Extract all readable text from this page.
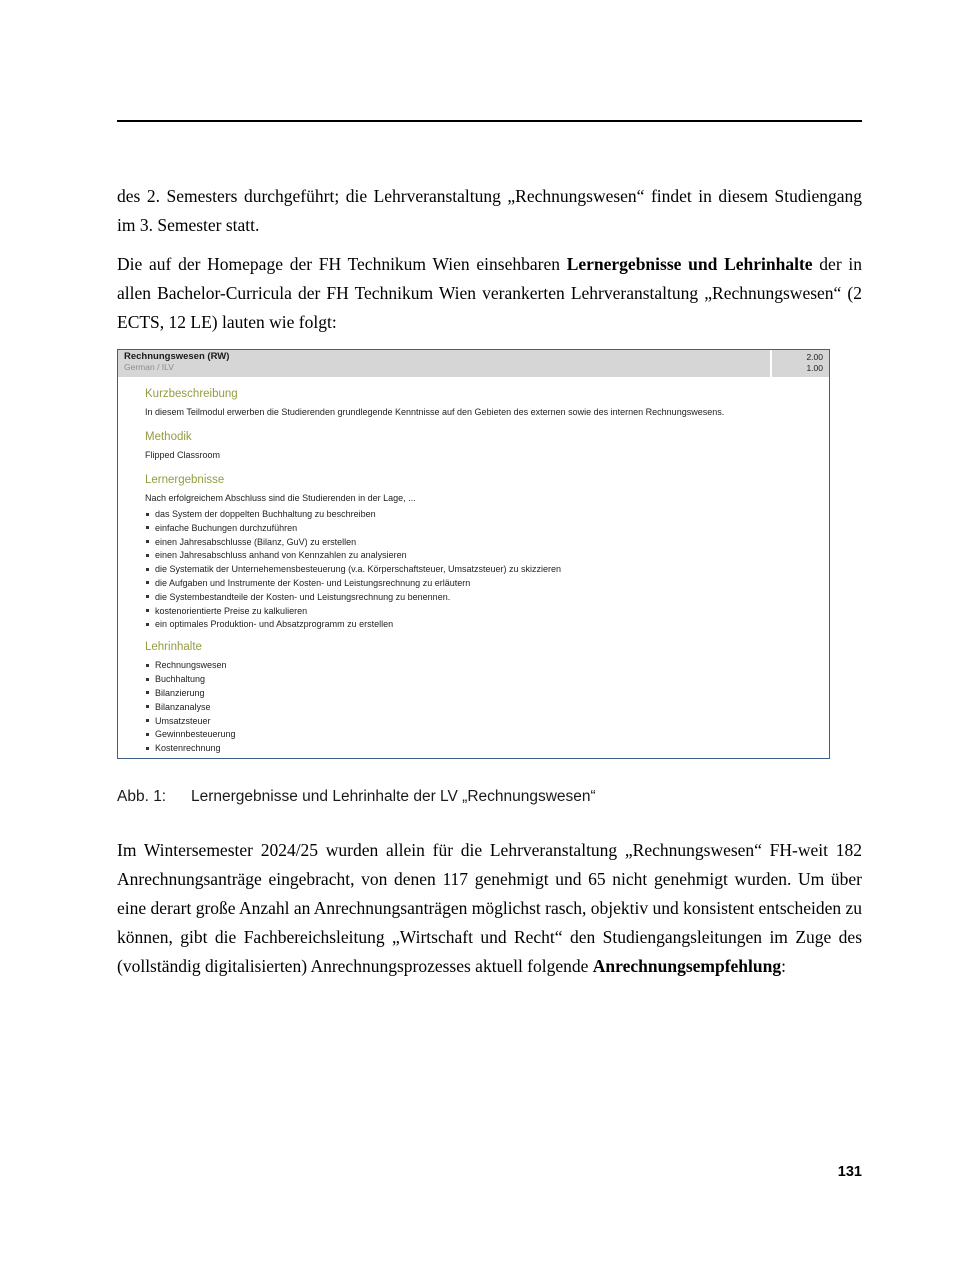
des 2. Semesters durchgeführt; die Lehrveranstaltung „Rechnungswesen“ findet in diesem Studiengang im 3. Semester statt.

Die auf der Homepage der FH Technikum Wien einsehbaren Lernergebnisse und Lehrinhalte der in allen Bachelor-Curricula der FH Technikum Wien verankerten Lehrveranstaltung „Rechnungswesen“ (2 ECTS, 12 LE) lauten wie folgt:

Rechnungswesen (RW)
German / ILV
2.00
1.00
Kurzbeschreibung
In diesem Teilmodul erwerben die Studierenden grundlegende Kenntnisse auf den Gebieten des externen sowie des internen Rechnungswesens.
Methodik
Flipped Classroom
Lernergebnisse
Nach erfolgreichem Abschluss sind die Studierenden in der Lage, ...
das System der doppelten Buchhaltung zu beschreiben
einfache Buchungen durchzuführen
einen Jahresabschlusse (Bilanz, GuV) zu erstellen
einen Jahresabschluss anhand von Kennzahlen zu analysieren
die Systematik der Unternehemensbesteuerung (v.a. Körperschaftsteuer, Umsatzsteuer) zu skizzieren
die Aufgaben und Instrumente der Kosten- und Leistungsrechnung zu erläutern
die Systembestandteile der Kosten- und Leistungsrechnung zu benennen.
kostenorientierte Preise zu kalkulieren
ein optimales Produktion- und Absatzprogramm zu erstellen
Lehrinhalte
Rechnungswesen
Buchhaltung
Bilanzierung
Bilanzanalyse
Umsatzsteuer
Gewinnbesteuerung
Kostenrechnung
Abb. 1: Lernergebnisse und Lehrinhalte der LV „Rechnungswesen“

Im Wintersemester 2024/25 wurden allein für die Lehrveranstaltung „Rechnungswesen“ FH-weit 182 Anrechnungsanträge eingebracht, von denen 117 genehmigt und 65 nicht genehmigt wurden. Um über eine derart große Anzahl an Anrechnungsanträgen möglichst rasch, objektiv und konsistent entscheiden zu können, gibt die Fachbereichsleitung „Wirtschaft und Recht“ den Studiengangsleitungen im Zuge des (vollständig digitalisierten) Anrechnungsprozesses aktuell folgende Anrechnungsempfehlung:

131
